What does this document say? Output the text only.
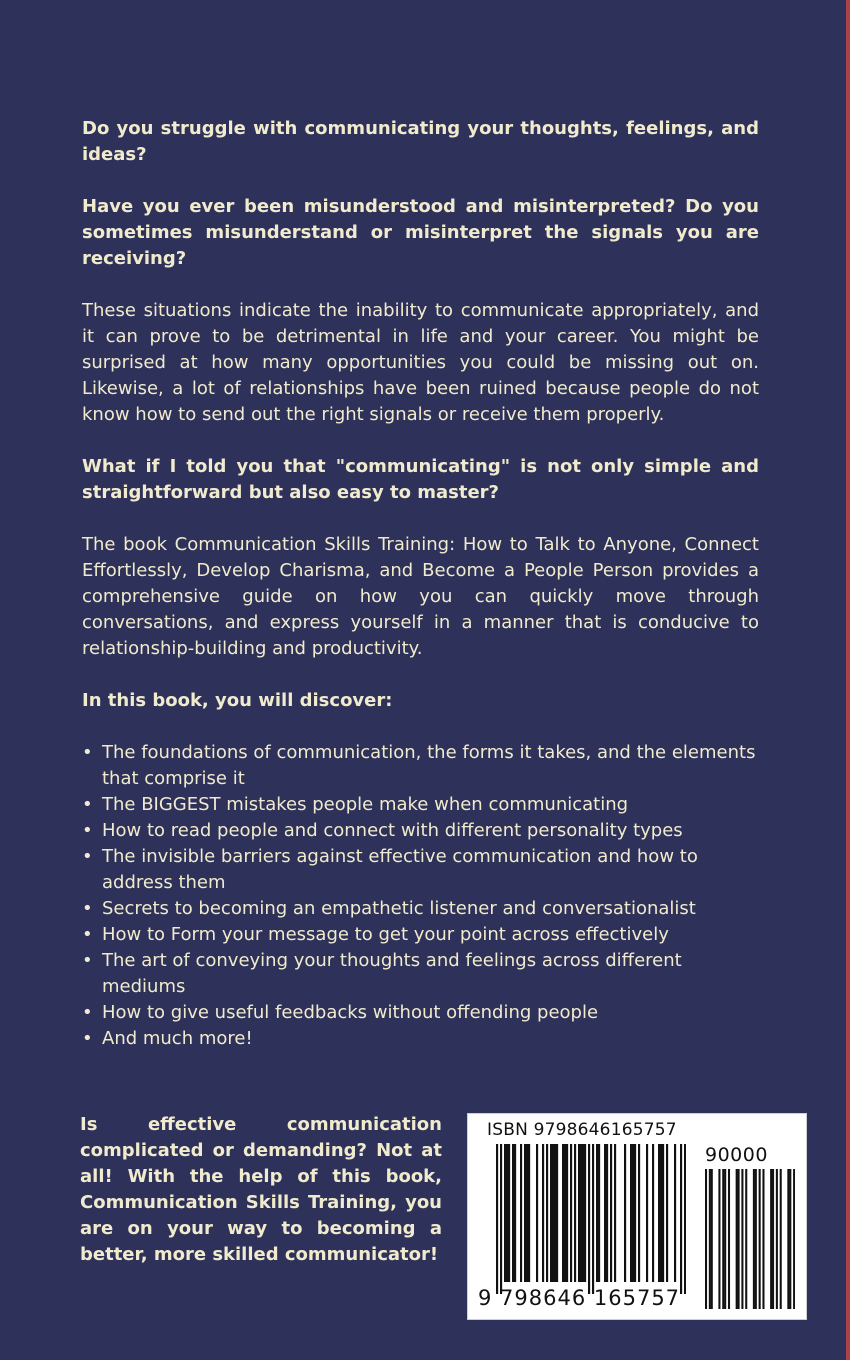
Do you struggle with communicating your thoughts, feelings, and ideas?

Have you ever been misunderstood and misinterpreted? Do you sometimes misunderstand or misinterpret the signals you are receiving?

These situations indicate the inability to communicate appropriately, and it can prove to be detrimental in life and your career. You might be surprised at how many opportunities you could be missing out on. Likewise, a lot of relationships have been ruined because people do not know how to send out the right signals or receive them properly.

What if I told you that "communicating" is not only simple and straightforward but also easy to master?

The book Communication Skills Training: How to Talk to Anyone, Connect Effortlessly, Develop Charisma, and Become a People Person provides a comprehensive guide on how you can quickly move through conversations, and express yourself in a manner that is conducive to relationship-building and productivity.

In this book, you will discover:

• The foundations of communication, the forms it takes, and the elements that comprise it
• The BIGGEST mistakes people make when communicating
• How to read people and connect with different personality types
• The invisible barriers against effective communication and how to address them
• Secrets to becoming an empathetic listener and conversationalist
• How to Form your message to get your point across effectively
• The art of conveying your thoughts and feelings across different mediums
• How to give useful feedbacks without offending people
• And much more!

Is effective communication complicated or demanding? Not at all! With the help of this book, Communication Skills Training, you are on your way to becoming a better, more skilled communicator!

ISBN 9798646165757
90000
9 798646 165757
